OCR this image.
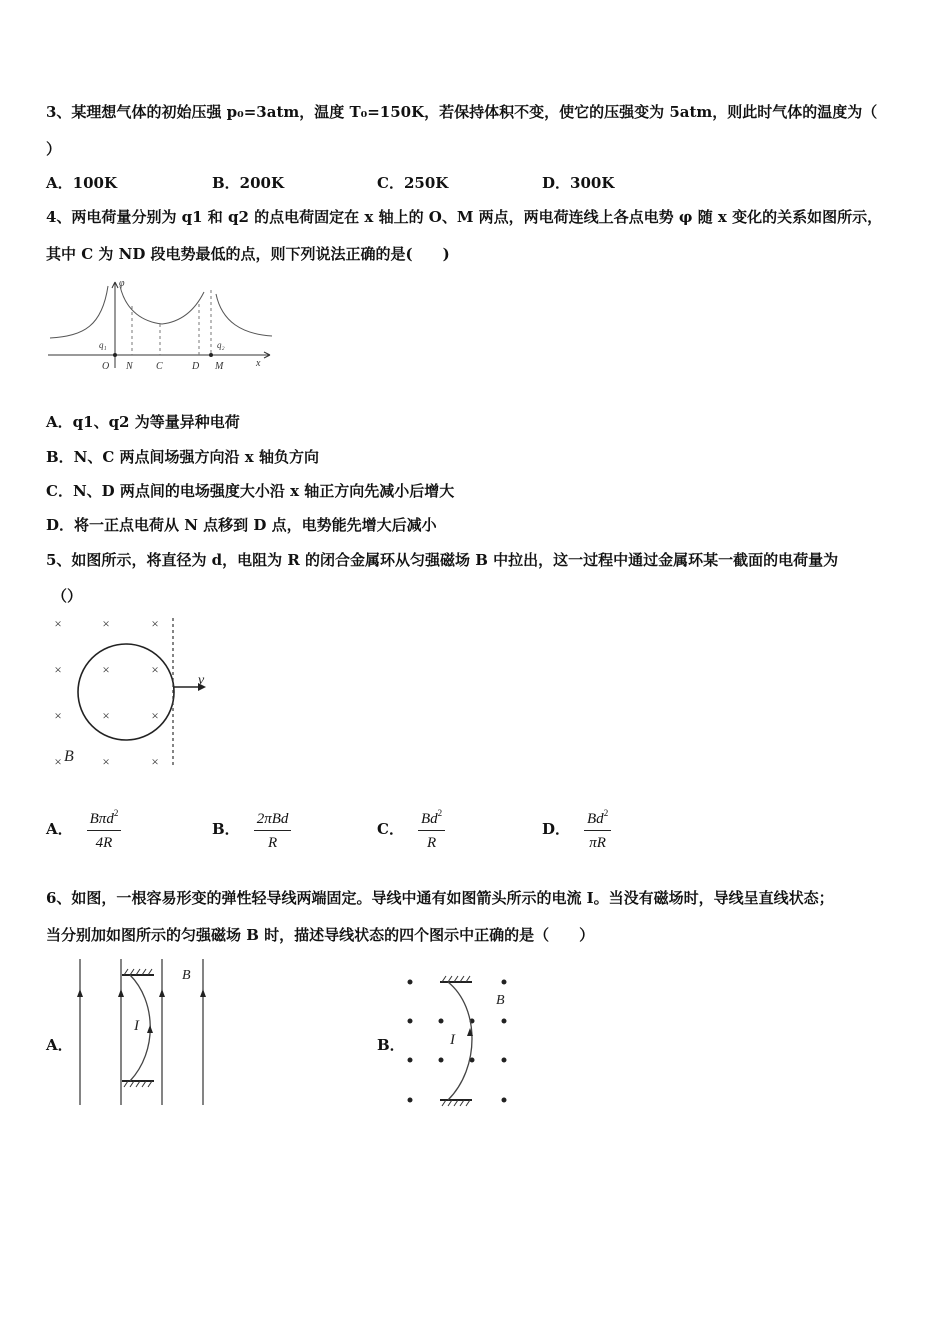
3、某理想气体的初始压强 p₀=3atm，温度 T₀=150K，若保持体积不变，使它的压强变为 5atm，则此时气体的温度为（
）
A．100K	B．200K	C．250K	D．300K
4、两电荷量分别为 q1 和 q2 的点电荷固定在 x 轴上的 O、M 两点，两电荷连线上各点电势 φ 随 x 变化的关系如图所示，
其中 C 为 ND 段电势最低的点，则下列说法正确的是(　　)
φ
q₁	q₂
O N C	D M	x
A．q1、q2 为等量异种电荷
B．N、C 两点间场强方向沿 x 轴负方向
C．N、D 两点间的电场强度大小沿 x 轴正方向先减小后增大
D．将一正点电荷从 N 点移到 D 点，电势能先增大后减小
5、如图所示，将直径为 d，电阻为 R 的闭合金属环从匀强磁场 B 中拉出，这一过程中通过金属环某一截面的电荷量为
（）
×	×	×
×	×	×
×	×	×
×	×	×
B
v
A． $\frac{B\pi d^2}{4R}$	B． $\frac{\text{2πBd}}{R}$	C． $\frac{Bd^2}{R}$	D． $\frac{Bd^2}{\pi R}$
6、如图，一根容易形变的弹性轻导线两端固定。导线中通有如图箭头所示的电流 I。当没有磁场时，导线呈直线状态；
当分别加如图所示的匀强磁场 B 时，描述导线状态的四个图示中正确的是（　　）
A．
I
B
B．	I
B
